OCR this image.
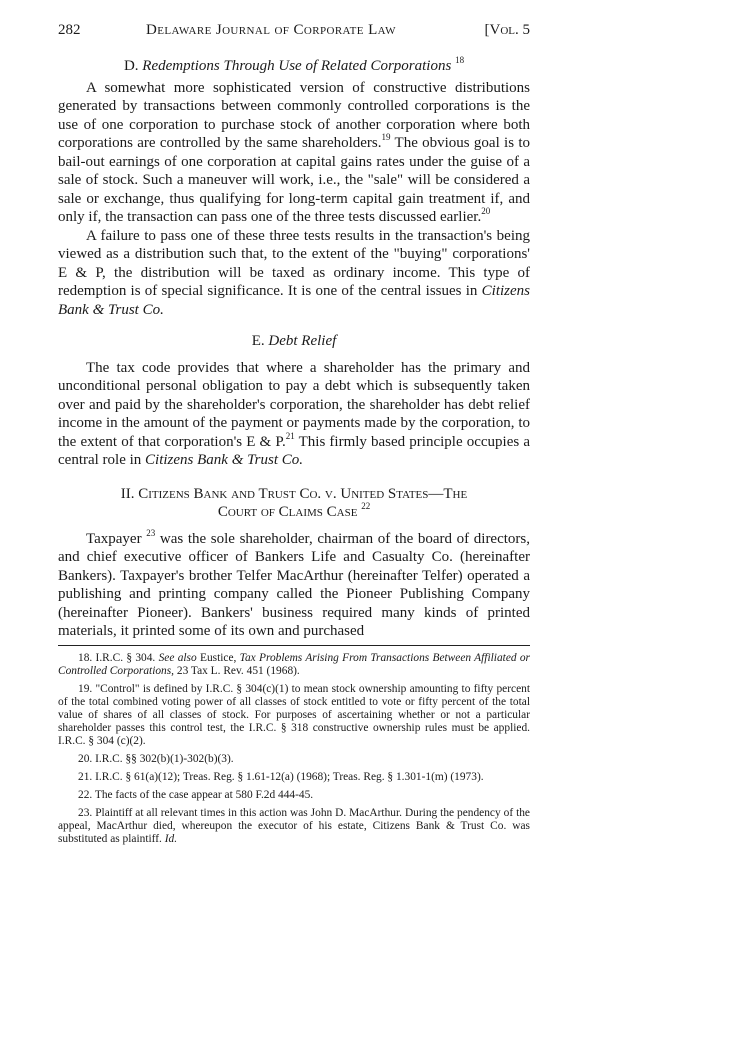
282	Delaware Journal of Corporate Law	[Vol. 5

D. Redemptions Through Use of Related Corporations $^{18}$

A somewhat more sophisticated version of constructive distributions generated by transactions between commonly controlled corporations is the use of one corporation to purchase stock of another corporation where both corporations are controlled by the same shareholders.$^{19}$ The obvious goal is to bail-out earnings of one corporation at capital gains rates under the guise of a sale of stock. Such a maneuver will work, i.e., the "sale" will be considered a sale or exchange, thus qualifying for long-term capital gain treatment if, and only if, the transaction can pass one of the three tests discussed earlier.$^{20}$

A failure to pass one of these three tests results in the transaction's being viewed as a distribution such that, to the extent of the "buying" corporations' E & P, the distribution will be taxed as ordinary income. This type of redemption is of special significance. It is one of the central issues in Citizens Bank & Trust Co.

E. Debt Relief

The tax code provides that where a shareholder has the primary and unconditional personal obligation to pay a debt which is subsequently taken over and paid by the shareholder's corporation, the shareholder has debt relief income in the amount of the payment or payments made by the corporation, to the extent of that corporation's E & P.$^{21}$ This firmly based principle occupies a central role in Citizens Bank & Trust Co.

II. Citizens Bank and Trust Co. v. United States—The
Court of Claims Case $^{22}$

Taxpayer $^{23}$ was the sole shareholder, chairman of the board of directors, and chief executive officer of Bankers Life and Casualty Co. (hereinafter Bankers). Taxpayer's brother Telfer MacArthur (hereinafter Telfer) operated a publishing and printing company called the Pioneer Publishing Company (hereinafter Pioneer). Bankers' business required many kinds of printed materials, it printed some of its own and purchased

18. I.R.C. § 304. See also Eustice, Tax Problems Arising From Transactions Between Affiliated or Controlled Corporations, 23 Tax L. Rev. 451 (1968).

19. "Control" is defined by I.R.C. § 304(c)(1) to mean stock ownership amounting to fifty percent of the total combined voting power of all classes of stock entitled to vote or fifty percent of the total value of shares of all classes of stock. For purposes of ascertaining whether or not a particular shareholder passes this control test, the I.R.C. § 318 constructive ownership rules must be applied. I.R.C. § 304 (c)(2).

20. I.R.C. §§ 302(b)(1)-302(b)(3).

21. I.R.C. § 61(a)(12); Treas. Reg. § 1.61-12(a) (1968); Treas. Reg. § 1.301-1(m) (1973).

22. The facts of the case appear at 580 F.2d 444-45.

23. Plaintiff at all relevant times in this action was John D. MacArthur. During the pendency of the appeal, MacArthur died, whereupon the executor of his estate, Citizens Bank & Trust Co. was substituted as plaintiff. Id.
